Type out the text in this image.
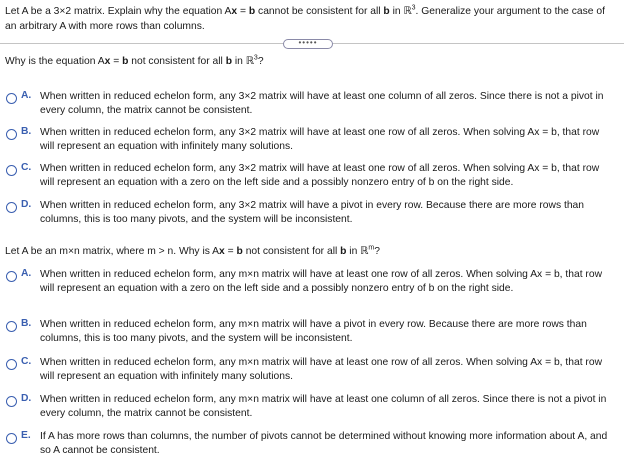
Let A be a 3×2 matrix. Explain why the equation Ax = b cannot be consistent for all b in ℝ$^3$. Generalize your argument to the case of an arbitrary A with more rows than columns.
•••••
Why is the equation Ax = b not consistent for all b in ℝ$^3$?
A. When written in reduced echelon form, any 3×2 matrix will have at least one column of all zeros. Since there is not a pivot in every column, the matrix cannot be consistent.
B. When written in reduced echelon form, any 3×2 matrix will have at least one row of all zeros. When solving Ax = b, that row will represent an equation with infinitely many solutions.
C. When written in reduced echelon form, any 3×2 matrix will have at least one row of all zeros. When solving Ax = b, that row will represent an equation with a zero on the left side and a possibly nonzero entry of b on the right side.
D. When written in reduced echelon form, any 3×2 matrix will have a pivot in every row. Because there are more rows than columns, this is too many pivots, and the system will be inconsistent.
Let A be an m×n matrix, where m > n. Why is Ax = b not consistent for all b in ℝ$^m$?
A. When written in reduced echelon form, any m×n matrix will have at least one row of all zeros. When solving Ax = b, that row will represent an equation with a zero on the left side and a possibly nonzero entry of b on the right side.
B. When written in reduced echelon form, any m×n matrix will have a pivot in every row. Because there are more rows than columns, this is too many pivots, and the system will be inconsistent.
C. When written in reduced echelon form, any m×n matrix will have at least one row of all zeros. When solving Ax = b, that row will represent an equation with infinitely many solutions.
D. When written in reduced echelon form, any m×n matrix will have at least one column of all zeros. Since there is not a pivot in every column, the matrix cannot be consistent.
E. If A has more rows than columns, the number of pivots cannot be determined without knowing more information about A, and so A cannot be consistent.
